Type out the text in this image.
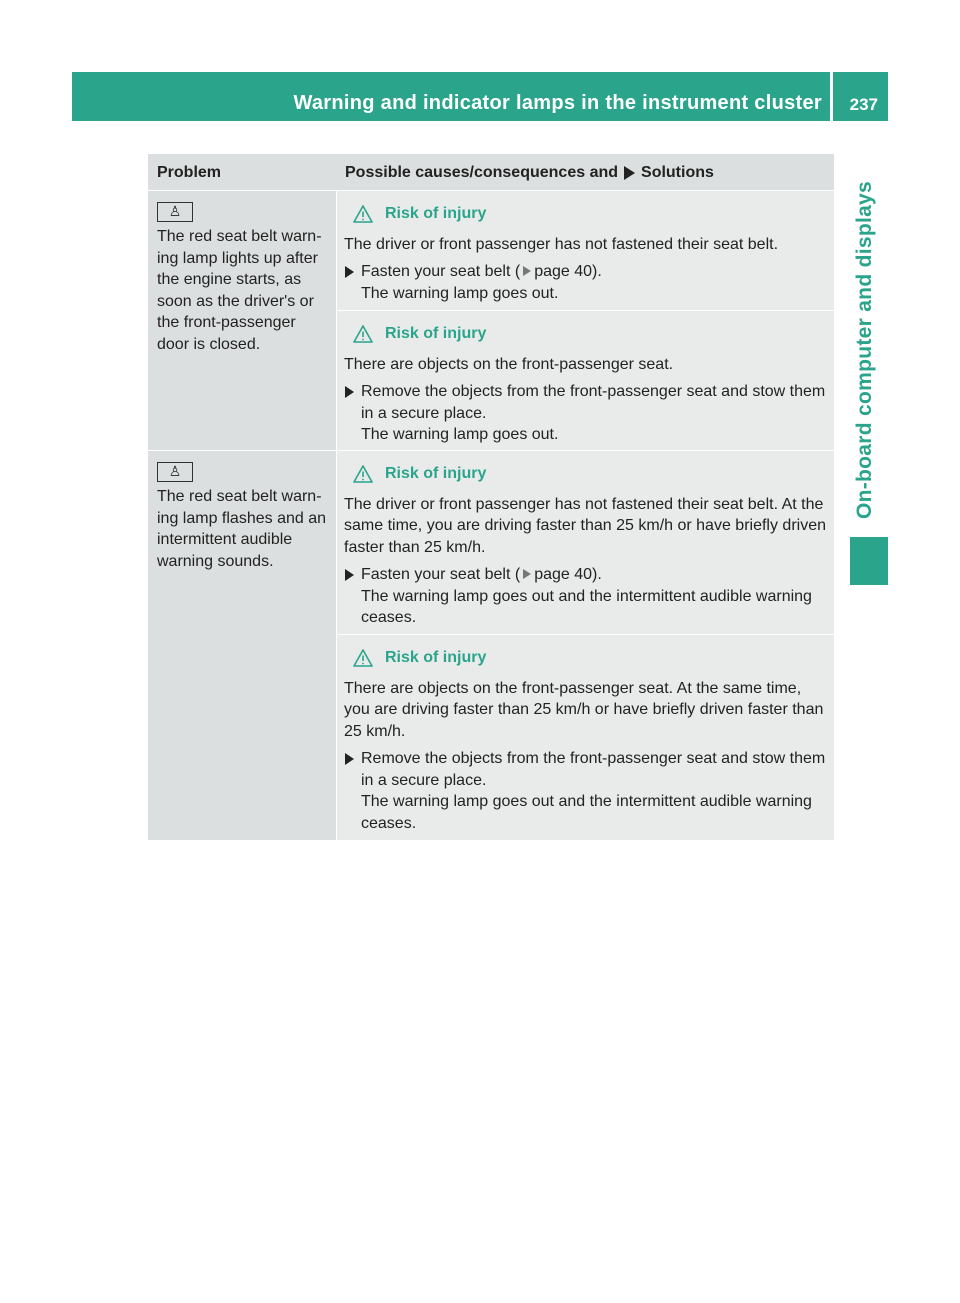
Warning and indicator lamps in the instrument cluster 237
On-board computer and displays
Problem	Possible causes/consequences and Solutions
♙
The red seat belt warn-ing lamp lights up after the engine starts, as soon as the driver's or the front-passenger door is closed.
Risk of injury
The driver or front passenger has not fastened their seat belt.
Fasten your seat belt ( page 40).
The warning lamp goes out.
Risk of injury
There are objects on the front-passenger seat.
Remove the objects from the front-passenger seat and stow them in a secure place.
The warning lamp goes out.
♙
The red seat belt warn-ing lamp flashes and an intermittent audible warning sounds.
Risk of injury
The driver or front passenger has not fastened their seat belt. At the same time, you are driving faster than 25 km/h or have briefly driven faster than 25 km/h.
Fasten your seat belt ( page 40).
The warning lamp goes out and the intermittent audible warning ceases.
Risk of injury
There are objects on the front-passenger seat. At the same time, you are driving faster than 25 km/h or have briefly driven faster than 25 km/h.
Remove the objects from the front-passenger seat and stow them in a secure place.
The warning lamp goes out and the intermittent audible warning ceases.
